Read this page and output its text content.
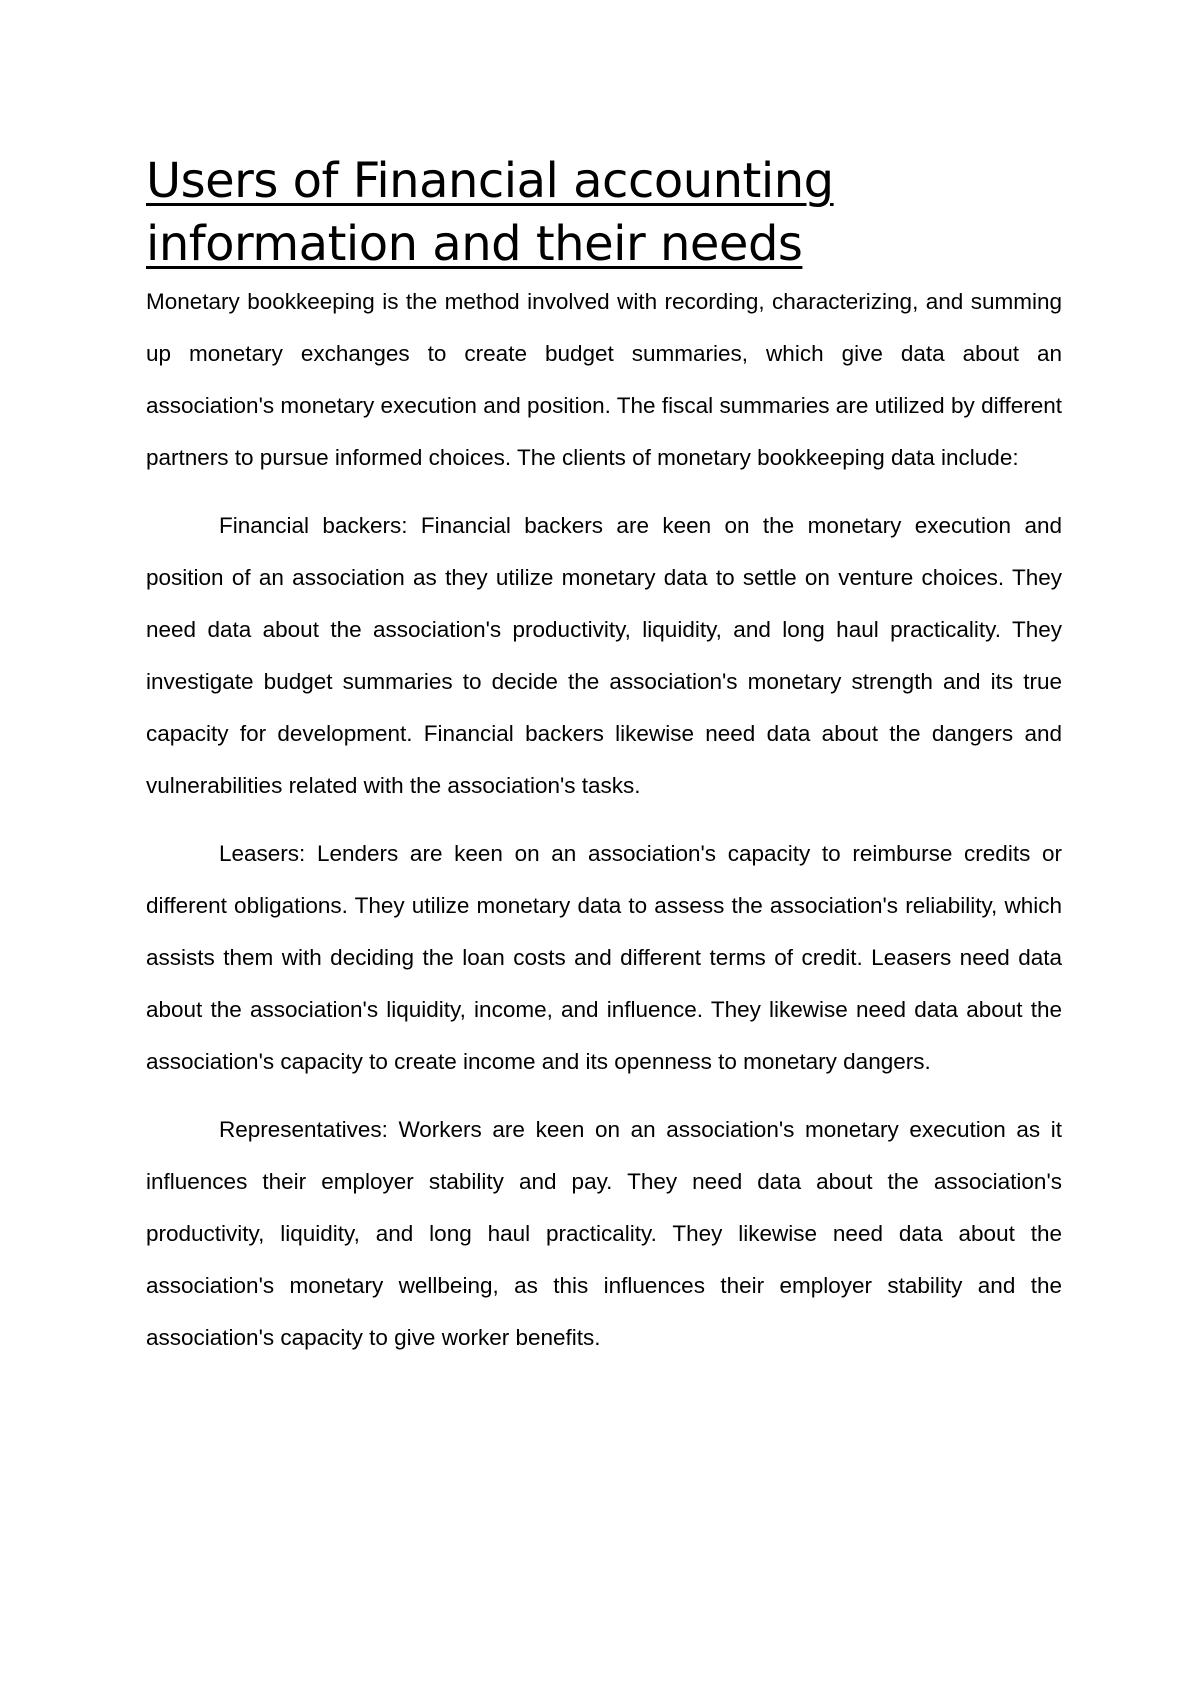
Users of Financial accounting
information and their needs

Monetary bookkeeping is the method involved with recording, characterizing, and summing up monetary exchanges to create budget summaries, which give data about an association's monetary execution and position. The fiscal summaries are utilized by different partners to pursue informed choices. The clients of monetary bookkeeping data include:

Financial backers: Financial backers are keen on the monetary execution and position of an association as they utilize monetary data to settle on venture choices. They need data about the association's productivity, liquidity, and long haul practicality. They investigate budget summaries to decide the association's monetary strength and its true capacity for development. Financial backers likewise need data about the dangers and vulnerabilities related with the association's tasks.

Leasers: Lenders are keen on an association's capacity to reimburse credits or different obligations. They utilize monetary data to assess the association's reliability, which assists them with deciding the loan costs and different terms of credit. Leasers need data about the association's liquidity, income, and influence. They likewise need data about the association's capacity to create income and its openness to monetary dangers.

Representatives: Workers are keen on an association's monetary execution as it influences their employer stability and pay. They need data about the association's productivity, liquidity, and long haul practicality. They likewise need data about the association's monetary wellbeing, as this influences their employer stability and the association's capacity to give worker benefits.
